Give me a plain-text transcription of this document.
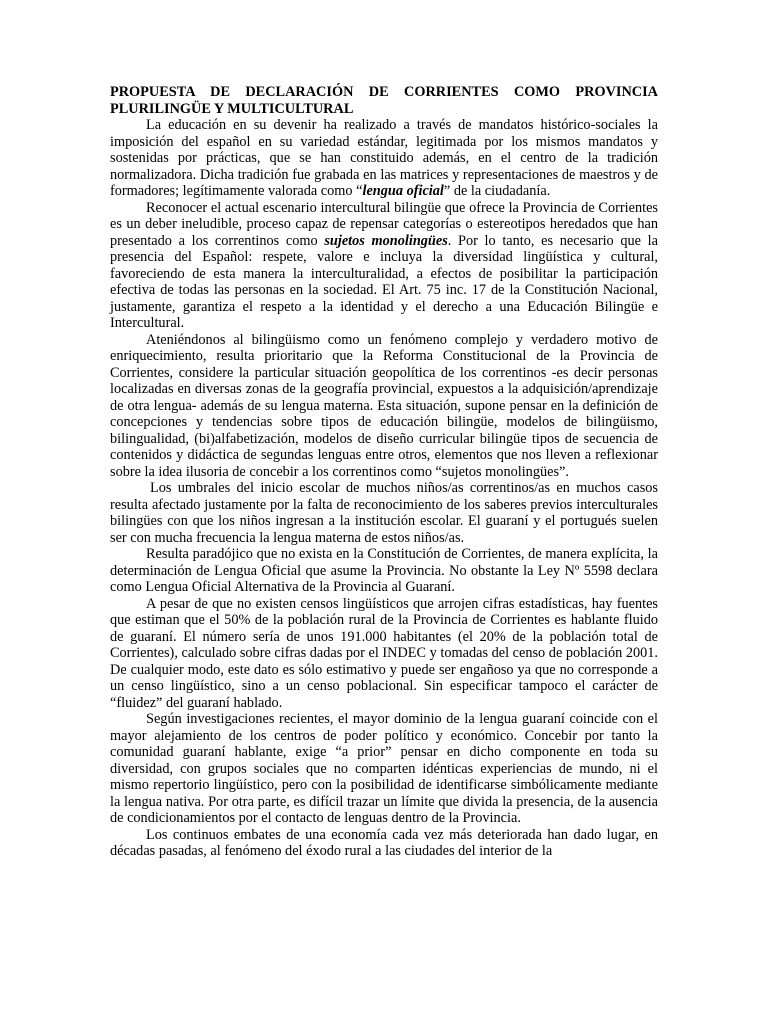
PROPUESTA DE DECLARACIÓN DE CORRIENTES COMO PROVINCIA PLURILINGÜE Y MULTICULTURAL

La educación en su devenir ha realizado a través de mandatos histórico-sociales la imposición del español en su variedad estándar, legitimada por los mismos mandatos y sostenidas por prácticas, que se han constituido además, en el centro de la tradición normalizadora. Dicha tradición fue grabada en las matrices y representaciones de maestros y de formadores; legítimamente valorada como “lengua oficial” de la ciudadanía.

Reconocer el actual escenario intercultural bilingüe que ofrece la Provincia de Corrientes es un deber ineludible, proceso capaz de repensar categorías o estereotipos heredados que han presentado a los correntinos como sujetos monolingües. Por lo tanto, es necesario que la presencia del Español: respete, valore e incluya la diversidad lingüística y cultural, favoreciendo de esta manera la interculturalidad, a efectos de posibilitar la participación efectiva de todas las personas en la sociedad. El Art. 75 inc. 17 de la Constitución Nacional, justamente, garantiza el respeto a la identidad y el derecho a una Educación Bilingüe e Intercultural.

Ateniéndonos al bilingüismo como un fenómeno complejo y verdadero motivo de enriquecimiento, resulta prioritario que la Reforma Constitucional de la Provincia de Corrientes, considere la particular situación geopolítica de los correntinos -es decir personas localizadas en diversas zonas de la geografía provincial, expuestos a la adquisición/aprendizaje de otra lengua- además de su lengua materna. Esta situación, supone pensar en la definición de concepciones y tendencias sobre tipos de educación bilingüe, modelos de bilingüismo, bilingualidad, (bi)alfabetización, modelos de diseño curricular bilingüe tipos de secuencia de contenidos y didáctica de segundas lenguas entre otros, elementos que nos lleven a reflexionar sobre la idea ilusoria de concebir a los correntinos como “sujetos monolingües”.

Los umbrales del inicio escolar de muchos niños/as correntinos/as en muchos casos resulta afectado justamente por la falta de reconocimiento de los saberes previos interculturales bilingües con que los niños ingresan a la institución escolar. El guaraní y el portugués suelen ser con mucha frecuencia la lengua materna de estos niños/as.

Resulta paradójico que no exista en la Constitución de Corrientes, de manera explícita, la determinación de Lengua Oficial que asume la Provincia. No obstante la Ley Nº 5598 declara como Lengua Oficial Alternativa de la Provincia al Guaraní.

A pesar de que no existen censos lingüísticos que arrojen cifras estadísticas, hay fuentes que estiman que el 50% de la población rural de la Provincia de Corrientes es hablante fluido de guaraní. El número sería de unos 191.000 habitantes (el 20% de la población total de Corrientes), calculado sobre cifras dadas por el INDEC y tomadas del censo de población 2001. De cualquier modo, este dato es sólo estimativo y puede ser engañoso ya que no corresponde a un censo lingüístico, sino a un censo poblacional. Sin especificar tampoco el carácter de “fluidez” del guaraní hablado.

Según investigaciones recientes, el mayor dominio de la lengua guaraní coincide con el mayor alejamiento de los centros de poder político y económico. Concebir por tanto la comunidad guaraní hablante, exige “a prior” pensar en dicho componente en toda su diversidad, con grupos sociales que no comparten idénticas experiencias de mundo, ni el mismo repertorio lingüístico, pero con la posibilidad de identificarse simbólicamente mediante la lengua nativa. Por otra parte, es difícil trazar un límite que divida la presencia, de la ausencia de condicionamientos por el contacto de lenguas dentro de la Provincia.

Los continuos embates de una economía cada vez más deteriorada han dado lugar, en décadas pasadas, al fenómeno del éxodo rural a las ciudades del interior de la
